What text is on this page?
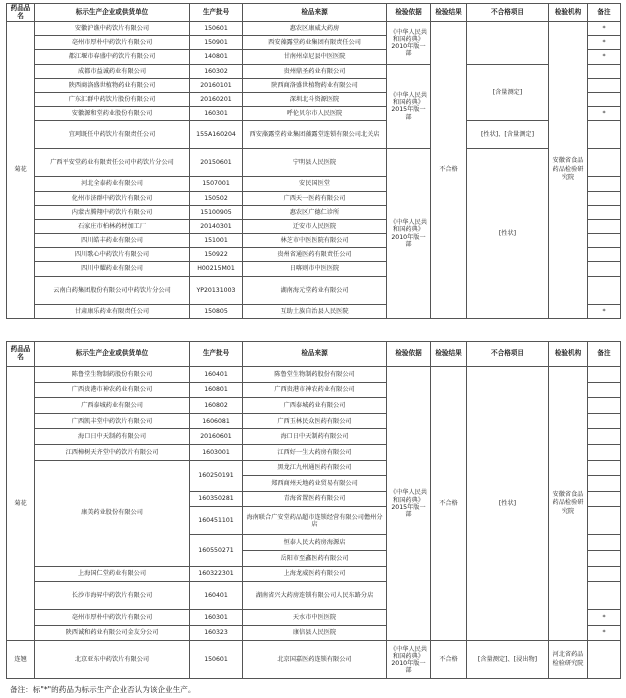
药品品名	标示生产企业或供货单位	生产批号	检品来源	检验依据	检验结果	不合格项目	检验机构	备注
菊花	安徽沪谯中药饮片有限公司	150601	惠农区康威大药房	《中华人民共和国药典》2010年版一部	不合格		安徽省食品药品检验研究院	*
	亳州市厚朴中药饮片有限公司	150901	西安藻露堂药业集团有限责任公司					*
	都江堰市春盛中药饮片有限公司	140801	甘南州卓尼县中医医院					*
	成都市益诚药业有限公司	160302	贵州鼎圣药业有限公司	《中华人民共和国药典》2015年版一部		[含量测定]		
	陕西商洛盛世植物药业有限公司	20160101	陕西商洛盛世植物药业有限公司					
	广东汇群中药饮片股份有限公司	20160201	深圳北斗资源医院					
	安徽源和堂药业股份有限公司	160301	呼伦贝尔市人民医院					*
	宜珂既任中药饮片有限责任公司	155A160204	西安藻露堂药业集团藻露堂连锁有限公司北关店			[性状]、[含量测定]		
	广西平安堂药业有限责任公司中药饮片分公司	20150601	宁明县人民医院	《中华人民共和国药典》2010年版一部		[性状]		
	河北全泰药业有限公司	1507001	安民国医堂					
	化州市济群中药饮片有限公司	150502	广西天一医药有限公司					
	内蒙古腾翔中药饮片有限公司	15100905	惠农区广德仁诊所					
	石家庄市柏林药材加工厂	20140301	迁安市人民医院					
	四川皓丰药业有限公司	151001	林芝市中医医院有限公司					
	四川歌心中药饮片有限公司	150922	贵州省通医药有限责任公司					
	四川中耀药业有限公司	H00215M01	日喀则市中医医院					
	云南白药集团股份有限公司中药饮片分公司	YP20131003	湖南海元堂药业有限公司					
	甘肃康乐药业有限责任公司	150805	互助土族自治县人民医院					*
药品品名	标示生产企业或供货单位	生产批号	检品来源	检验依据	检验结果	不合格项目	检验机构	备注
菊花	陈鲁堂生物制药股份有限公司	160401	陈鲁堂生物制药股份有限公司	《中华人民共和国药典》2015年版一部	不合格	[性状]	安徽省食品药品检验研究院	
	广西贵港市神农药业有限公司	160801	广西贵港市神农药业有限公司					
	广西泰城药业有限公司	160802	广西泰城药业有限公司					
	广西凯丰堂中药饮片有限公司	1606081	广西玉林民众医药有限公司					
	海口日中天制药有限公司	20160601	海口日中天制药有限公司					
	江西樟树天齐堂中药饮片有限公司	1603001	江西好一生大药房有限公司					
	康美药业股份有限公司	160250191	黑龙江九州通医药有限公司					
			郑西商州天地药业贸易有限公司					
		160350281	青海省置医药有限公司					
		160451101	海南联合广安堂药品超市连锁经营有限公司儋州分店					
		160550271	恒泰人民大药房海源店					
			岳阳市至鑫医药有限公司					
	上海国仁堂药业有限公司	160322301	上海龙威医药有限公司					
	长沙市海昇中药饮片有限公司	160401	湖南省兴大药房连锁有限公司人民东路分店					
	亳州市厚朴中药饮片有限公司	160301	天水市中医医院					*
	陕西诚和药业有限公司金友分公司	160323	康信县人民医院					*
连翘	北京亚东中药饮片有限公司	150601	北京国嘉医药连锁有限公司	《中华人民共和国药典》2010年版一部	不合格	[含量测定]、[浸出物]	河北省药品检验研究院	
备注：标"*"的药品为标示生产企业否认为该企业生产。
